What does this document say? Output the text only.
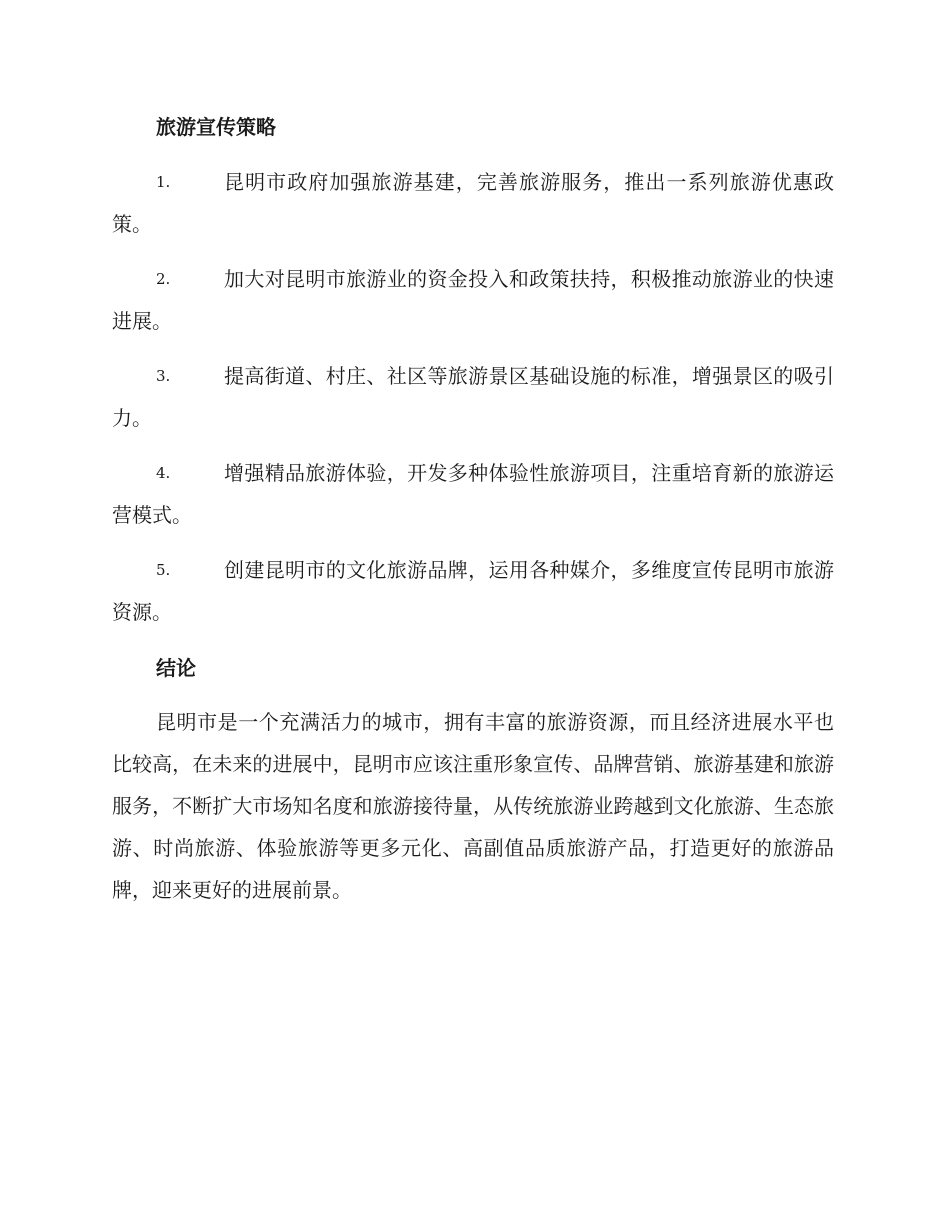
旅游宣传策略
1.	昆明市政府加强旅游基建，完善旅游服务，推出一系列旅游优惠政策。
2.	加大对昆明市旅游业的资金投入和政策扶持，积极推动旅游业的快速进展。
3.	提高街道、村庄、社区等旅游景区基础设施的标准，增强景区的吸引力。
4.	增强精品旅游体验，开发多种体验性旅游项目，注重培育新的旅游运营模式。
5.	创建昆明市的文化旅游品牌，运用各种媒介，多维度宣传昆明市旅游资源。
结论

昆明市是一个充满活力的城市，拥有丰富的旅游资源，而且经济进展水平也比较高，在未来的进展中，昆明市应该注重形象宣传、品牌营销、旅游基建和旅游服务，不断扩大市场知名度和旅游接待量，从传统旅游业跨越到文化旅游、生态旅游、时尚旅游、体验旅游等更多元化、高副值品质旅游产品，打造更好的旅游品牌，迎来更好的进展前景。
